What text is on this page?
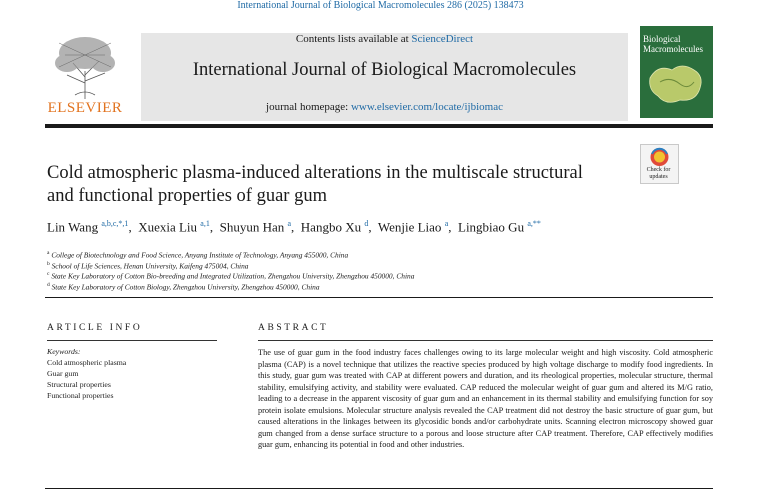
International Journal of Biological Macromolecules 286 (2025) 138473
ELSEVIER
Contents lists available at ScienceDirect
International Journal of Biological Macromolecules
journal homepage: www.elsevier.com/locate/ijbiomac
Biological Macromolecules
Check for
updates
Cold atmospheric plasma-induced alterations in the multiscale structural
and functional properties of guar gum
Lin Wang $^{a,b,c,*,1}$,  Xuexia Liu $^{a,1}$,  Shuyun Han $^a$,  Hangbo Xu $^d$,  Wenjie Liao $^a$,  Lingbiao Gu $^{a,**}$
$^a$ College of Biotechnology and Food Science, Anyang Institute of Technology, Anyang 455000, China
$^b$ School of Life Sciences, Henan University, Kaifeng 475004, China
$^c$ State Key Laboratory of Cotton Bio-breeding and Integrated Utilization, Zhengzhou University, Zhengzhou 450000, China
$^d$ State Key Laboratory of Cotton Biology, Zhengzhou University, Zhengzhou 450000, China
ARTICLE INFO
Keywords:
Cold atmospheric plasma
Guar gum
Structural properties
Functional properties
ABSTRACT
The use of guar gum in the food industry faces challenges owing to its large molecular weight and high viscosity. Cold atmospheric plasma (CAP) is a novel technique that utilizes the reactive species produced by high voltage discharge to modify food ingredients. In this study, guar gum was treated with CAP at different powers and duration, and its rheological properties, molecular structure, thermal stability, emulsifying activity, and stability were evaluated. CAP reduced the molecular weight of guar gum and altered its M/G ratio, leading to a decrease in the apparent viscosity of guar gum and an enhancement in its thermal stability and emulsifying function for soy protein isolate emulsions. Molecular structure analysis revealed the CAP treatment did not destroy the basic structure of guar gum, but caused alterations in the linkages between its glycosidic bonds and/or carbohydrate units. Scanning electron microscopy showed guar gum changed from a dense surface structure to a porous and loose structure after CAP treatment. Therefore, CAP effectively modifies guar gum, enhancing its potential in food and other industries.
